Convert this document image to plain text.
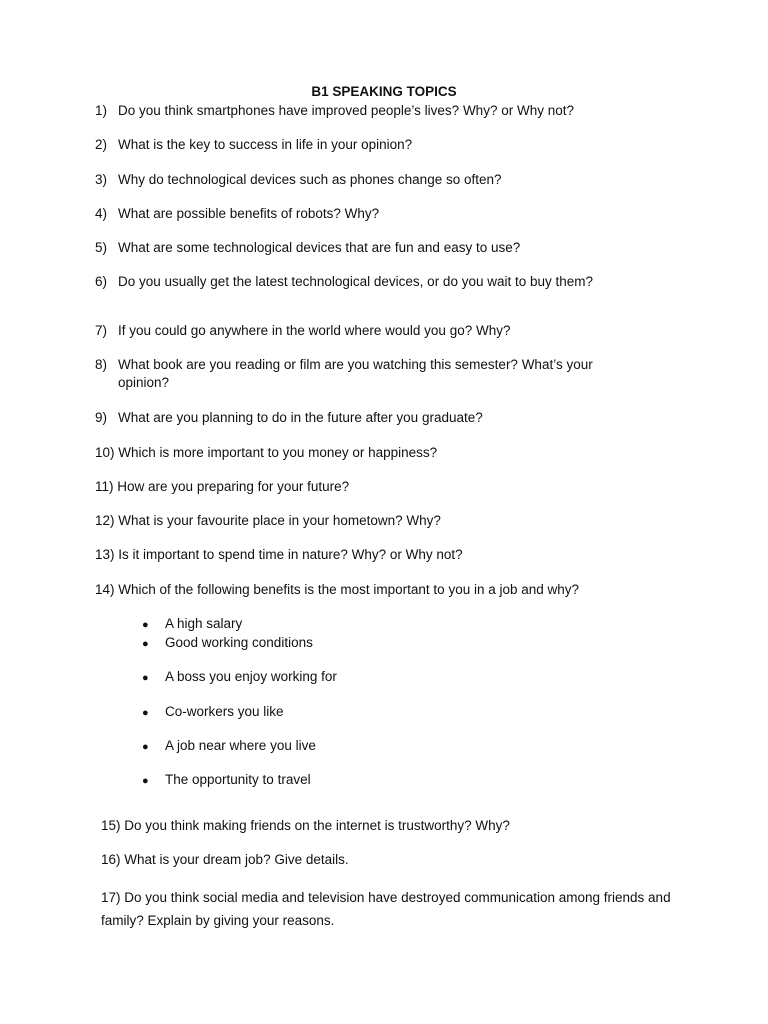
B1 SPEAKING TOPICS
1) Do you think smartphones have improved people’s lives? Why? or Why not?
2) What is the key to success in life in your opinion?
3) Why do technological devices such as phones change so often?
4) What are possible benefits of robots? Why?
5) What are some technological devices that are fun and easy to use?
6) Do you usually get the latest technological devices, or do you wait to buy them?
7) If you could go anywhere in the world where would you go? Why?
8) What book are you reading or film are you watching this semester? What’s your
opinion?
9) What are you planning to do in the future after you graduate?
10) Which is more important to you money or happiness?
11) How are you preparing for your future?
12) What is your favourite place in your hometown? Why?
13) Is it important to spend time in nature? Why? or Why not?
14) Which of the following benefits is the most important to you in a job and why?
● A high salary
● Good working conditions
● A boss you enjoy working for
● Co-workers you like
● A job near where you live
● The opportunity to travel
15) Do you think making friends on the internet is trustworthy? Why?
16) What is your dream job? Give details.
17) Do you think social media and television have destroyed communication among friends and family? Explain by giving your reasons.
